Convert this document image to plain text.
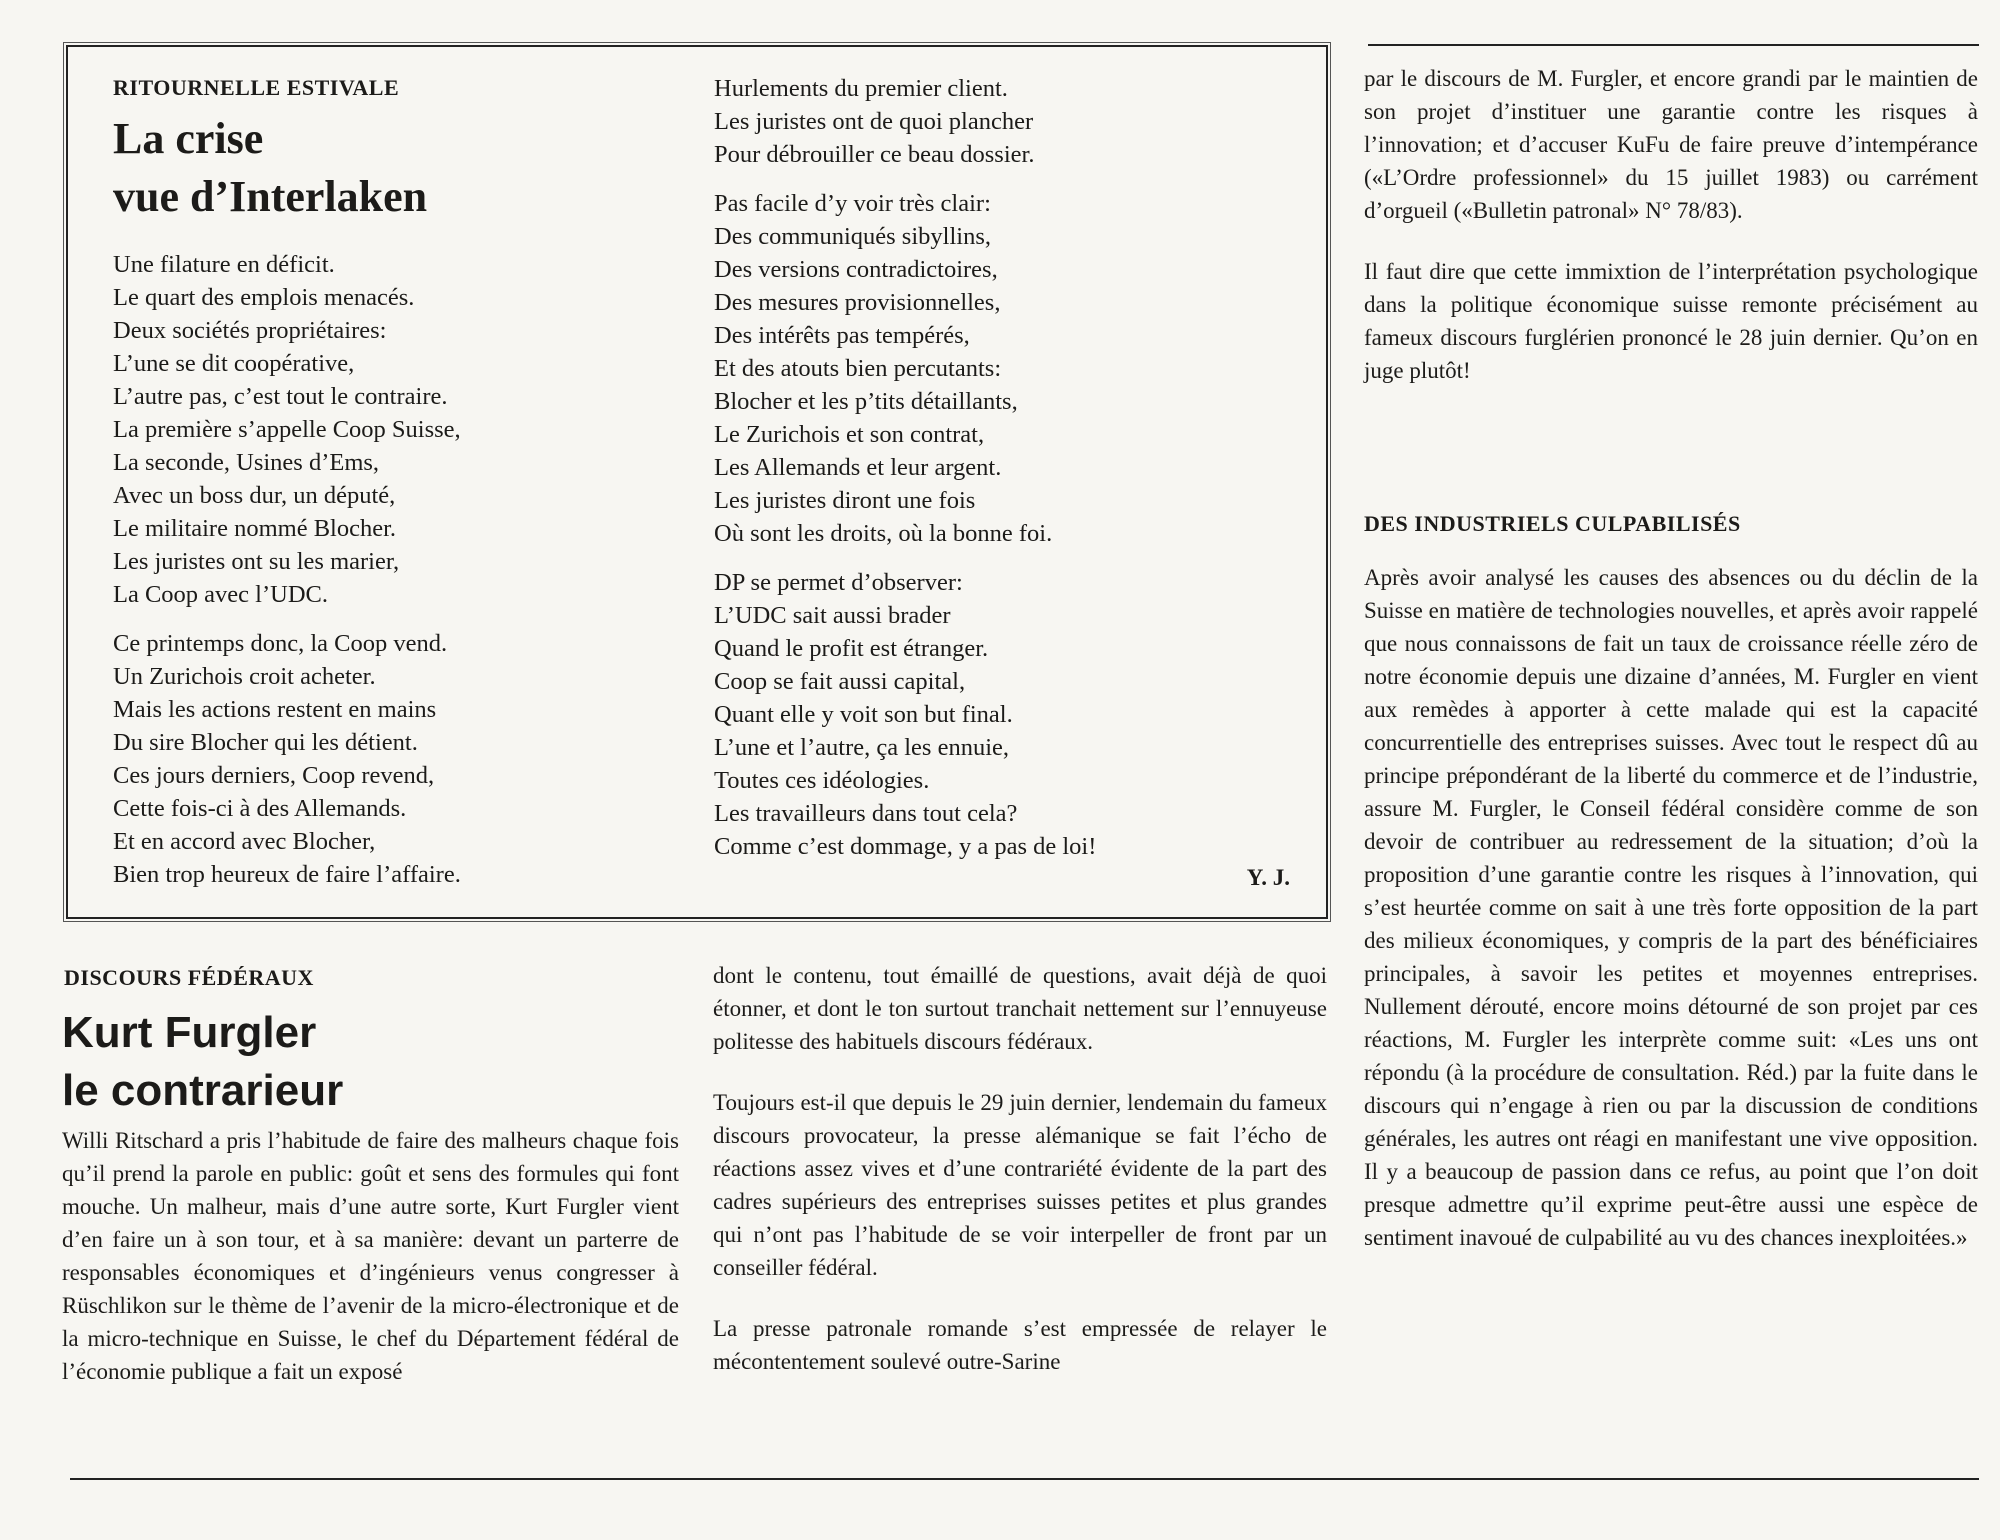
RITOURNELLE ESTIVALE

La crise
vue d’Interlaken
Une filature en déficit.
Le quart des emplois menacés.
Deux sociétés propriétaires:
L’une se dit coopérative,
L’autre pas, c’est tout le contraire.
La première s’appelle Coop Suisse,
La seconde, Usines d’Ems,
Avec un boss dur, un député,
Le militaire nommé Blocher.
Les juristes ont su les marier,
La Coop avec l’UDC.
Ce printemps donc, la Coop vend.
Un Zurichois croit acheter.
Mais les actions restent en mains
Du sire Blocher qui les détient.
Ces jours derniers, Coop revend,
Cette fois-ci à des Allemands.
Et en accord avec Blocher,
Bien trop heureux de faire l’affaire.
Hurlements du premier client.
Les juristes ont de quoi plancher
Pour débrouiller ce beau dossier.
Pas facile d’y voir très clair:
Des communiqués sibyllins,
Des versions contradictoires,
Des mesures provisionnelles,
Des intérêts pas tempérés,
Et des atouts bien percutants:
Blocher et les p’tits détaillants,
Le Zurichois et son contrat,
Les Allemands et leur argent.
Les juristes diront une fois
Où sont les droits, où la bonne foi.
DP se permet d’observer:
L’UDC sait aussi brader
Quand le profit est étranger.
Coop se fait aussi capital,
Quant elle y voit son but final.
L’une et l’autre, ça les ennuie,
Toutes ces idéologies.
Les travailleurs dans tout cela?
Comme c’est dommage, y a pas de loi!
Y. J.

DISCOURS FÉDÉRAUX

Kurt Furgler
le contrarieur

Willi Ritschard a pris l’habitude de faire des malheurs chaque fois qu’il prend la parole en public: goût et sens des formules qui font mouche. Un malheur, mais d’une autre sorte, Kurt Furgler vient d’en faire un à son tour, et à sa manière: devant un parterre de responsables économiques et d’ingénieurs venus congresser à Rüschlikon sur le thème de l’avenir de la micro-électronique et de la micro-technique en Suisse, le chef du Département fédéral de l’économie publique a fait un exposé

dont le contenu, tout émaillé de questions, avait déjà de quoi étonner, et dont le ton surtout tranchait nettement sur l’ennuyeuse politesse des habituels discours fédéraux.

Toujours est-il que depuis le 29 juin dernier, lendemain du fameux discours provocateur, la presse alémanique se fait l’écho de réactions assez vives et d’une contrariété évidente de la part des cadres supérieurs des entreprises suisses petites et plus grandes qui n’ont pas l’habitude de se voir interpeller de front par un conseiller fédéral.

La presse patronale romande s’est empressée de relayer le mécontentement soulevé outre-Sarine

par le discours de M. Furgler, et encore grandi par le maintien de son projet d’instituer une garantie contre les risques à l’innovation; et d’accuser KuFu de faire preuve d’intempérance («L’Ordre professionnel» du 15 juillet 1983) ou carrément d’orgueil («Bulletin patronal» N° 78/83).

Il faut dire que cette immixtion de l’interprétation psychologique dans la politique économique suisse remonte précisément au fameux discours furglérien prononcé le 28 juin dernier. Qu’on en juge plutôt!

DES INDUSTRIELS CULPABILISÉS

Après avoir analysé les causes des absences ou du déclin de la Suisse en matière de technologies nouvelles, et après avoir rappelé que nous connaissons de fait un taux de croissance réelle zéro de notre économie depuis une dizaine d’années, M. Furgler en vient aux remèdes à apporter à cette malade qui est la capacité concurrentielle des entreprises suisses. Avec tout le respect dû au principe prépondérant de la liberté du commerce et de l’industrie, assure M. Furgler, le Conseil fédéral considère comme de son devoir de contribuer au redressement de la situation; d’où la proposition d’une garantie contre les risques à l’innovation, qui s’est heurtée comme on sait à une très forte opposition de la part des milieux économiques, y compris de la part des bénéficiaires principales, à savoir les petites et moyennes entreprises. Nullement dérouté, encore moins détourné de son projet par ces réactions, M. Furgler les interprète comme suit: «Les uns ont répondu (à la procédure de consultation. Réd.) par la fuite dans le discours qui n’engage à rien ou par la discussion de conditions générales, les autres ont réagi en manifestant une vive opposition. Il y a beaucoup de passion dans ce refus, au point que l’on doit presque admettre qu’il exprime peut-être aussi une espèce de sentiment inavoué de culpabilité au vu des chances inexploitées.»
